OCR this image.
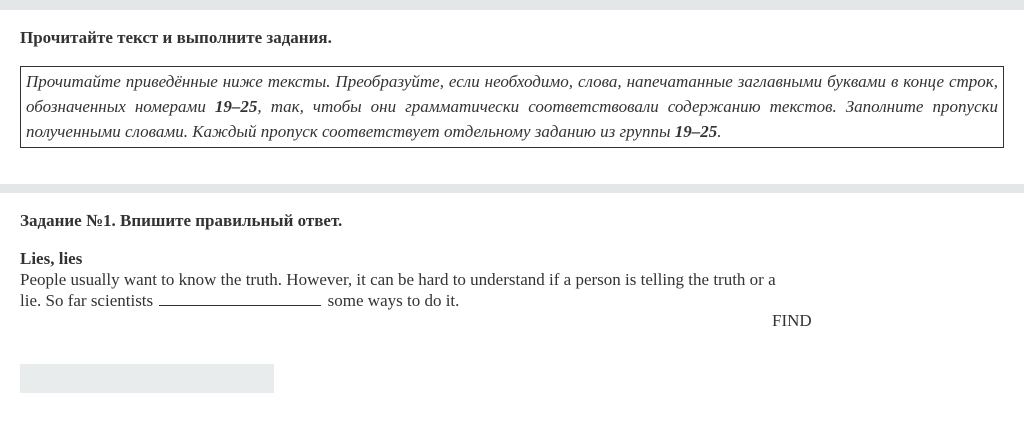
Прочитайте текст и выполните задания.
Прочитайте приведённые ниже тексты. Преобразуйте, если необходимо, слова, напечатанные заглавными буквами в конце строк, обозначенных номерами 19–25, так, чтобы они грамматически соответствовали содержанию текстов. Заполните пропуски полученными словами. Каждый пропуск соответствует отдельному заданию из группы 19–25.
Задание №1. Впишите правильный ответ.
Lies, lies
People usually want to know the truth. However, it can be hard to understand if a person is telling the truth or a lie. So far scientists	some ways to do it.
FIND
